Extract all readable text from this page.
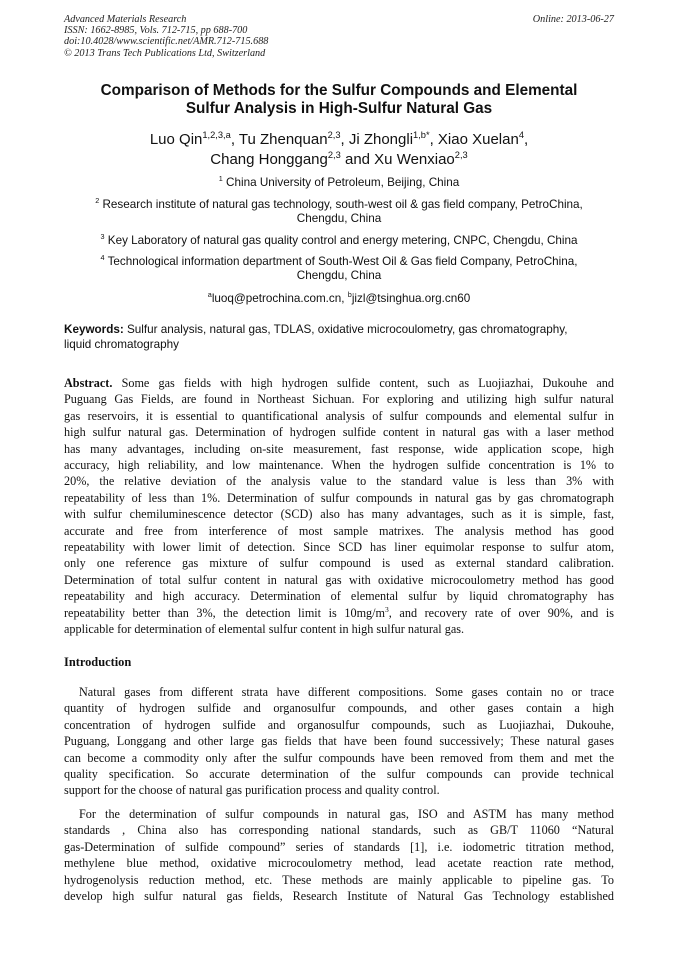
Advanced Materials Research
ISSN: 1662-8985, Vols. 712-715, pp 688-700
doi:10.4028/www.scientific.net/AMR.712-715.688
© 2013 Trans Tech Publications Ltd, Switzerland
Online: 2013-06-27
Comparison of Methods for the Sulfur Compounds and Elemental
Sulfur Analysis in High-Sulfur Natural Gas
Luo Qin$^{1,2,3,a}$, Tu Zhenquan$^{2,3}$, Ji Zhongli$^{1,b*}$, Xiao Xuelan$^4$,
Chang Honggang$^{2,3}$ and Xu Wenxiao$^{2,3}$
$^1$ China University of Petroleum, Beijing, China
$^2$ Research institute of natural gas technology, south-west oil & gas field company, PetroChina,
Chengdu, China
$^3$ Key Laboratory of natural gas quality control and energy metering, CNPC, Chengdu, China
$^4$ Technological information department of South-West Oil & Gas field Company, PetroChina,
Chengdu, China
$^a$luoq@petrochina.com.cn, $^b$jizl@tsinghua.org.cn60
Keywords: Sulfur analysis, natural gas, TDLAS, oxidative microcoulometry, gas chromatography,
liquid chromatography
Abstract. Some gas fields with high hydrogen sulfide content, such as Luojiazhai, Dukouhe and
Puguang Gas Fields, are found in Northeast Sichuan. For exploring and utilizing high sulfur natural
gas reservoirs, it is essential to quantificational analysis of sulfur compounds and elemental sulfur in
high sulfur natural gas. Determination of hydrogen sulfide content in natural gas with a laser method
has many advantages, including on-site measurement, fast response, wide application scope, high
accuracy, high reliability, and low maintenance. When the hydrogen sulfide concentration is 1% to
20%, the relative deviation of the analysis value to the standard value is less than 3% with
repeatability of less than 1%. Determination of sulfur compounds in natural gas by gas chromatograph
with sulfur chemiluminescence detector (SCD) also has many advantages, such as it is simple, fast,
accurate and free from interference of most sample matrixes. The analysis method has good
repeatability with lower limit of detection. Since SCD has liner equimolar response to sulfur atom,
only one reference gas mixture of sulfur compound is used as external standard calibration.
Determination of total sulfur content in natural gas with oxidative microcoulometry method has good
repeatability and high accuracy. Determination of elemental sulfur by liquid chromatography has
repeatability better than 3%, the detection limit is $10mg/m^3$, and recovery rate of over 90%, and is
applicable for determination of elemental sulfur content in high sulfur natural gas.
Introduction
Natural gases from different strata have different compositions. Some gases contain no or trace
quantity of hydrogen sulfide and organosulfur compounds, and other gases contain a high
concentration of hydrogen sulfide and organosulfur compounds, such as Luojiazhai, Dukouhe,
Puguang, Longgang and other large gas fields that have been found successively; These natural gases
can become a commodity only after the sulfur compounds have been removed from them and met the
quality specification. So accurate determination of the sulfur compounds can provide technical
support for the choose of natural gas purification process and quality control.
For the determination of sulfur compounds in natural gas, ISO and ASTM has many method
standards , China also has corresponding national standards, such as GB/T 11060 “Natural
gas-Determination of sulfide compound” series of standards [1], i.e. iodometric titration method,
methylene blue method, oxidative microcoulometry method, lead acetate reaction rate method,
hydrogenolysis reduction method, etc. These methods are mainly applicable to pipeline gas. To
develop high sulfur natural gas fields, Research Institute of Natural Gas Technology established
